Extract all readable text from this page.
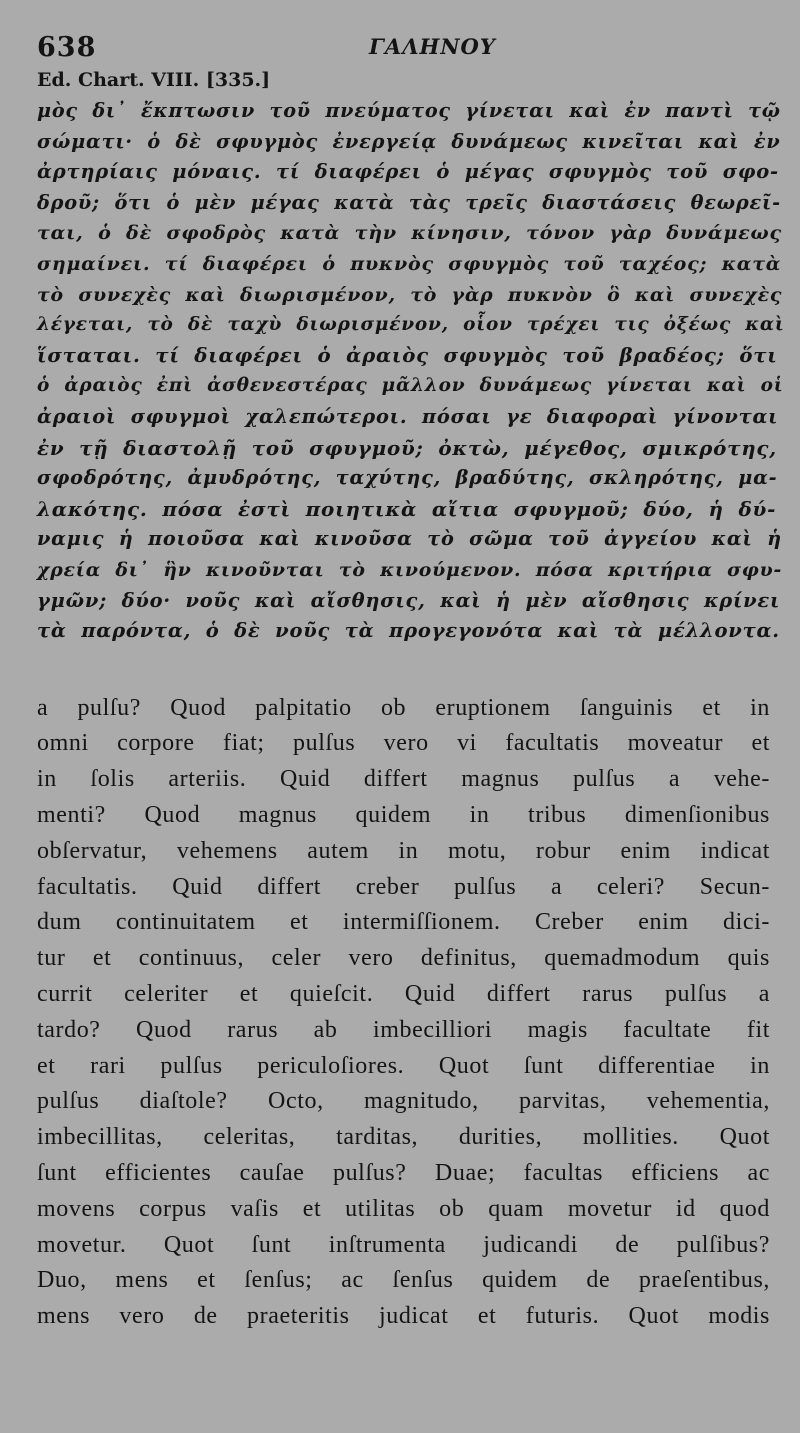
638	ΓΑΛΗΝΟΥ
Ed. Chart. VIII. [335.]
μὸς δι᾽ ἔκπτωσιν τοῦ πνεύματος γίνεται καὶ ἐν παντὶ τῷ
σώματι· ὁ δὲ σφυγμὸς ἐνεργείᾳ δυνάμεως κινεῖται καὶ ἐν
ἀρτηρίαις μόναις. τί διαφέρει ὁ μέγας σφυγμὸς τοῦ σφο-
δροῦ; ὅτι ὁ μὲν μέγας κατὰ τὰς τρεῖς διαστάσεις θεωρεῖ-
ται, ὁ δὲ σφοδρὸς κατὰ τὴν κίνησιν, τόνον γὰρ δυνάμεως
σημαίνει. τί διαφέρει ὁ πυκνὸς σφυγμὸς τοῦ ταχέος; κατὰ
τὸ συνεχὲς καὶ διωρισμένον, τὸ γὰρ πυκνὸν ὃ καὶ συνεχὲς
λέγεται, τὸ δὲ ταχὺ διωρισμένον, οἷον τρέχει τις ὀξέως καὶ
ἵσταται. τί διαφέρει ὁ ἀραιὸς σφυγμὸς τοῦ βραδέος; ὅτι
ὁ ἀραιὸς ἐπὶ ἀσθενεστέρας μᾶλλον δυνάμεως γίνεται καὶ οἱ
ἀραιοὶ σφυγμοὶ χαλεπώτεροι. πόσαι γε διαφοραὶ γίνονται
ἐν τῇ διαστολῇ τοῦ σφυγμοῦ; ὀκτὼ, μέγεθος, σμικρότης,
σφοδρότης, ἀμυδρότης, ταχύτης, βραδύτης, σκληρότης, μα-
λακότης. πόσα ἐστὶ ποιητικὰ αἴτια σφυγμοῦ; δύο, ἡ δύ-
ναμις ἡ ποιοῦσα καὶ κινοῦσα τὸ σῶμα τοῦ ἀγγείου καὶ ἡ
χρεία δι᾽ ἣν κινοῦνται τὸ κινούμενον. πόσα κριτήρια σφυ-
γμῶν; δύο· νοῦς καὶ αἴσθησις, καὶ ἡ μὲν αἴσθησις κρίνει
τὰ παρόντα, ὁ δὲ νοῦς τὰ προγεγονότα καὶ τὰ μέλλοντα.
a pulſu? Quod palpitatio ob eruptionem ſanguinis et in
omni corpore fiat; pulſus vero vi facultatis moveatur et
in ſolis arteriis. Quid differt magnus pulſus a vehe-
menti? Quod magnus quidem in tribus dimenſionibus
obſervatur, vehemens autem in motu, robur enim indicat
facultatis. Quid differt creber pulſus a celeri? Secun-
dum continuitatem et intermiſſionem. Creber enim dici-
tur et continuus, celer vero definitus, quemadmodum quis
currit celeriter et quieſcit. Quid differt rarus pulſus a
tardo? Quod rarus ab imbecilliori magis facultate fit
et rari pulſus periculoſiores. Quot ſunt differentiae in
pulſus diaſtole? Octo, magnitudo, parvitas, vehementia,
imbecillitas, celeritas, tarditas, durities, mollities. Quot
ſunt efficientes cauſae pulſus? Duae; facultas efficiens ac
movens corpus vaſis et utilitas ob quam movetur id quod
movetur. Quot ſunt inſtrumenta judicandi de pulſibus?
Duo, mens et ſenſus; ac ſenſus quidem de praeſentibus,
mens vero de praeteritis judicat et futuris. Quot modis
